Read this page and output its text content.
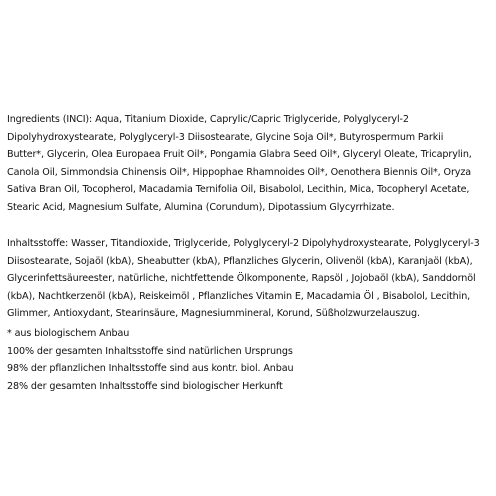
Ingredients (INCI): Aqua, Titanium Dioxide, Caprylic/Capric Triglyceride, Polyglyceryl-2
Dipolyhydroxystearate, Polyglyceryl-3 Diisostearate, Glycine Soja Oil*, Butyrospermum Parkii
Butter*, Glycerin, Olea Europaea Fruit Oil*, Pongamia Glabra Seed Oil*, Glyceryl Oleate, Tricaprylin,
Canola Oil, Simmondsia Chinensis Oil*, Hippophae Rhamnoides Oil*, Oenothera Biennis Oil*, Oryza
Sativa Bran Oil, Tocopherol, Macadamia Ternifolia Oil, Bisabolol, Lecithin, Mica, Tocopheryl Acetate,
Stearic Acid, Magnesium Sulfate, Alumina (Corundum), Dipotassium Glycyrrhizate.
Inhaltsstoffe: Wasser, Titandioxide, Triglyceride, Polyglyceryl-2 Dipolyhydroxystearate, Polyglyceryl-3
Diisostearate, Sojaöl (kbA), Sheabutter (kbA), Pflanzliches Glycerin, Olivenöl (kbA), Karanjaöl (kbA),
Glycerinfettsäureester, natürliche, nichtfettende Ölkomponente, Rapsöl , Jojobaöl (kbA), Sanddornöl
(kbA), Nachtkerzenöl (kbA), Reiskeimöl , Pflanzliches Vitamin E, Macadamia Öl , Bisabolol, Lecithin,
Glimmer, Antioxydant, Stearinsäure, Magnesiummineral, Korund, Süßholzwurzelauszug.
* aus biologischem Anbau
100% der gesamten Inhaltsstoffe sind natürlichen Ursprungs
98% der pflanzlichen Inhaltsstoffe sind aus kontr. biol. Anbau
28% der gesamten Inhaltsstoffe sind biologischer Herkunft
